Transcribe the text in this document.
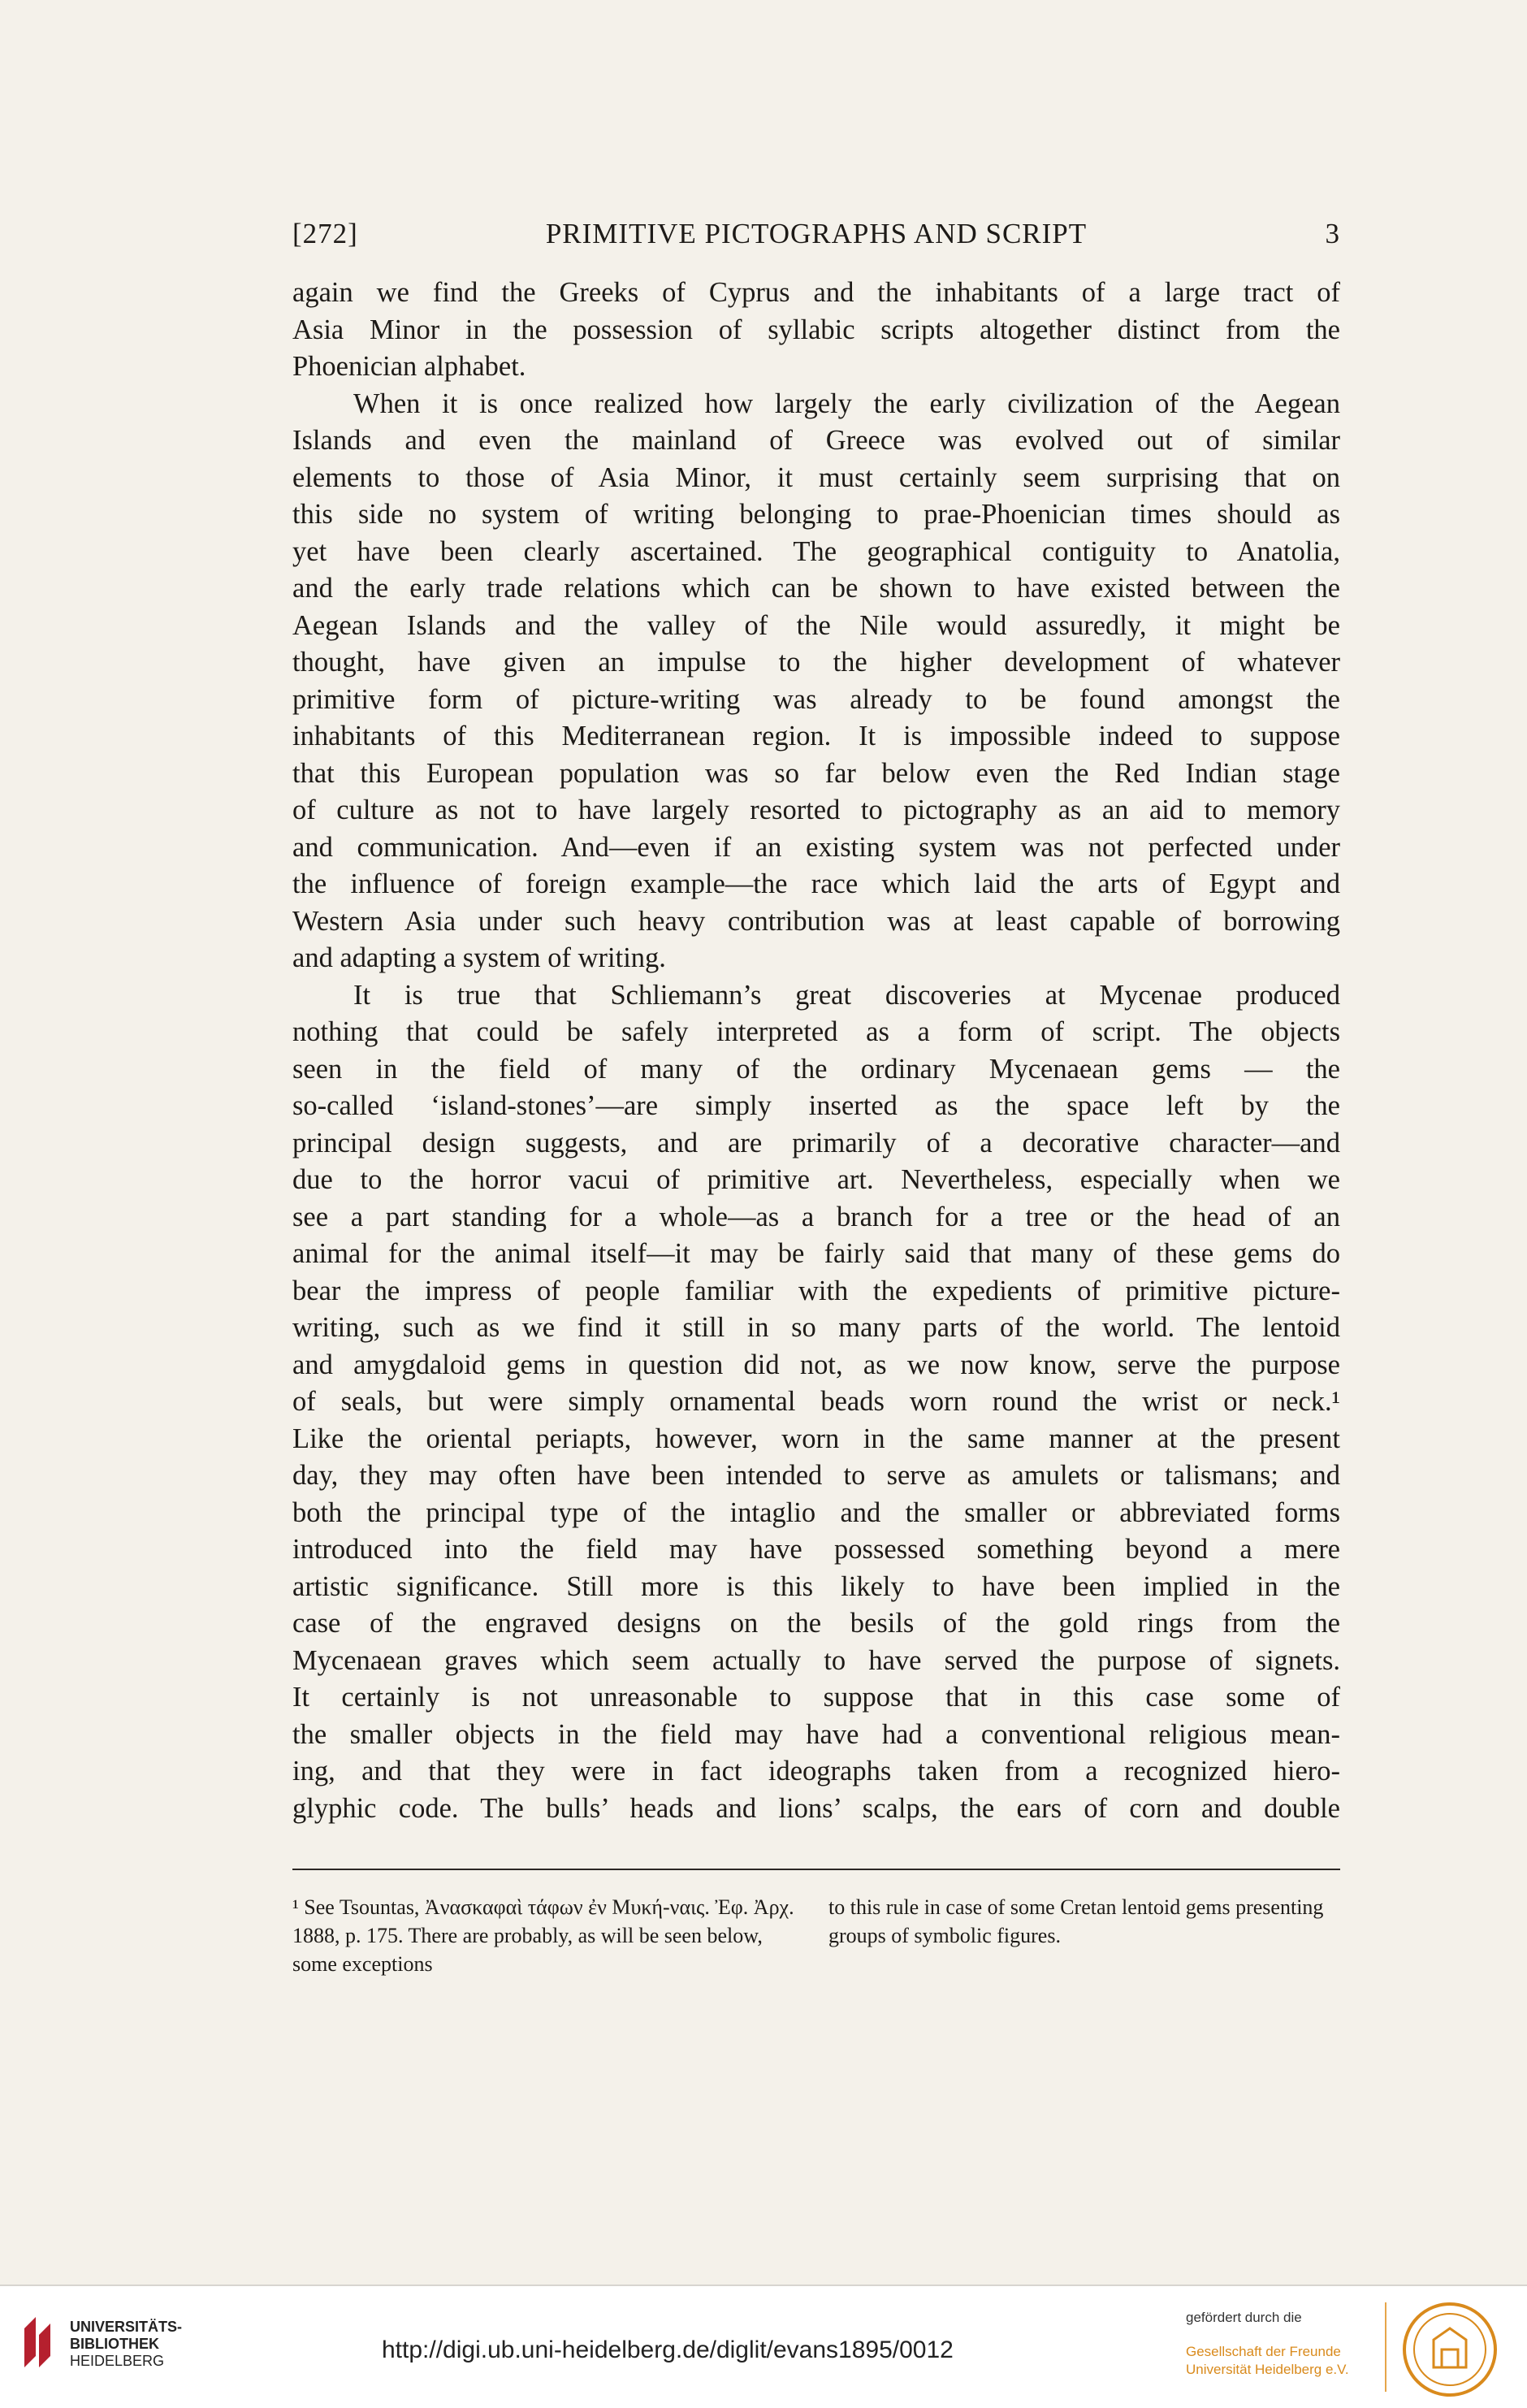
[272]	PRIMITIVE PICTOGRAPHS AND SCRIPT	3
again we find the Greeks of Cyprus and the inhabitants of a large tract of
Asia Minor in the possession of syllabic scripts altogether distinct from the
Phoenician alphabet.
When it is once realized how largely the early civilization of the Aegean
Islands and even the mainland of Greece was evolved out of similar
elements to those of Asia Minor, it must certainly seem surprising that on
this side no system of writing belonging to prae-Phoenician times should as
yet have been clearly ascertained. The geographical contiguity to Anatolia,
and the early trade relations which can be shown to have existed between the
Aegean Islands and the valley of the Nile would assuredly, it might be
thought, have given an impulse to the higher development of whatever
primitive form of picture-writing was already to be found amongst the
inhabitants of this Mediterranean region. It is impossible indeed to suppose
that this European population was so far below even the Red Indian stage
of culture as not to have largely resorted to pictography as an aid to memory
and communication. And—even if an existing system was not perfected under
the influence of foreign example—the race which laid the arts of Egypt and
Western Asia under such heavy contribution was at least capable of borrowing
and adapting a system of writing.
It is true that Schliemann’s great discoveries at Mycenae produced
nothing that could be safely interpreted as a form of script. The objects
seen in the field of many of the ordinary Mycenaean gems — the
so-called ‘island-stones’—are simply inserted as the space left by the
principal design suggests, and are primarily of a decorative character—and
due to the horror vacui of primitive art. Nevertheless, especially when we
see a part standing for a whole—as a branch for a tree or the head of an
animal for the animal itself—it may be fairly said that many of these gems do
bear the impress of people familiar with the expedients of primitive picture-
writing, such as we find it still in so many parts of the world. The lentoid
and amygdaloid gems in question did not, as we now know, serve the purpose
of seals, but were simply ornamental beads worn round the wrist or neck.¹
Like the oriental periapts, however, worn in the same manner at the present
day, they may often have been intended to serve as amulets or talismans; and
both the principal type of the intaglio and the smaller or abbreviated forms
introduced into the field may have possessed something beyond a mere
artistic significance. Still more is this likely to have been implied in the
case of the engraved designs on the besils of the gold rings from the
Mycenaean graves which seem actually to have served the purpose of signets.
It certainly is not unreasonable to suppose that in this case some of
the smaller objects in the field may have had a conventional religious mean-
ing, and that they were in fact ideographs taken from a recognized hiero-
glyphic code. The bulls’ heads and lions’ scalps, the ears of corn and double
¹ See Tsountas, Ἀνασκαφαὶ τάφων ἐν Μυκή-ναις. Ἐφ. Ἀρχ. 1888, p. 175. There are probably, as will be seen below, some exceptions
to this rule in case of some Cretan lentoid gems presenting groups of symbolic figures.
UNIVERSITÄTS-
BIBLIOTHEK
HEIDELBERG	http://digi.ub.uni-heidelberg.de/diglit/evans1895/0012
gefördert durch die
Gesellschaft der Freunde
Universität Heidelberg e.V.
